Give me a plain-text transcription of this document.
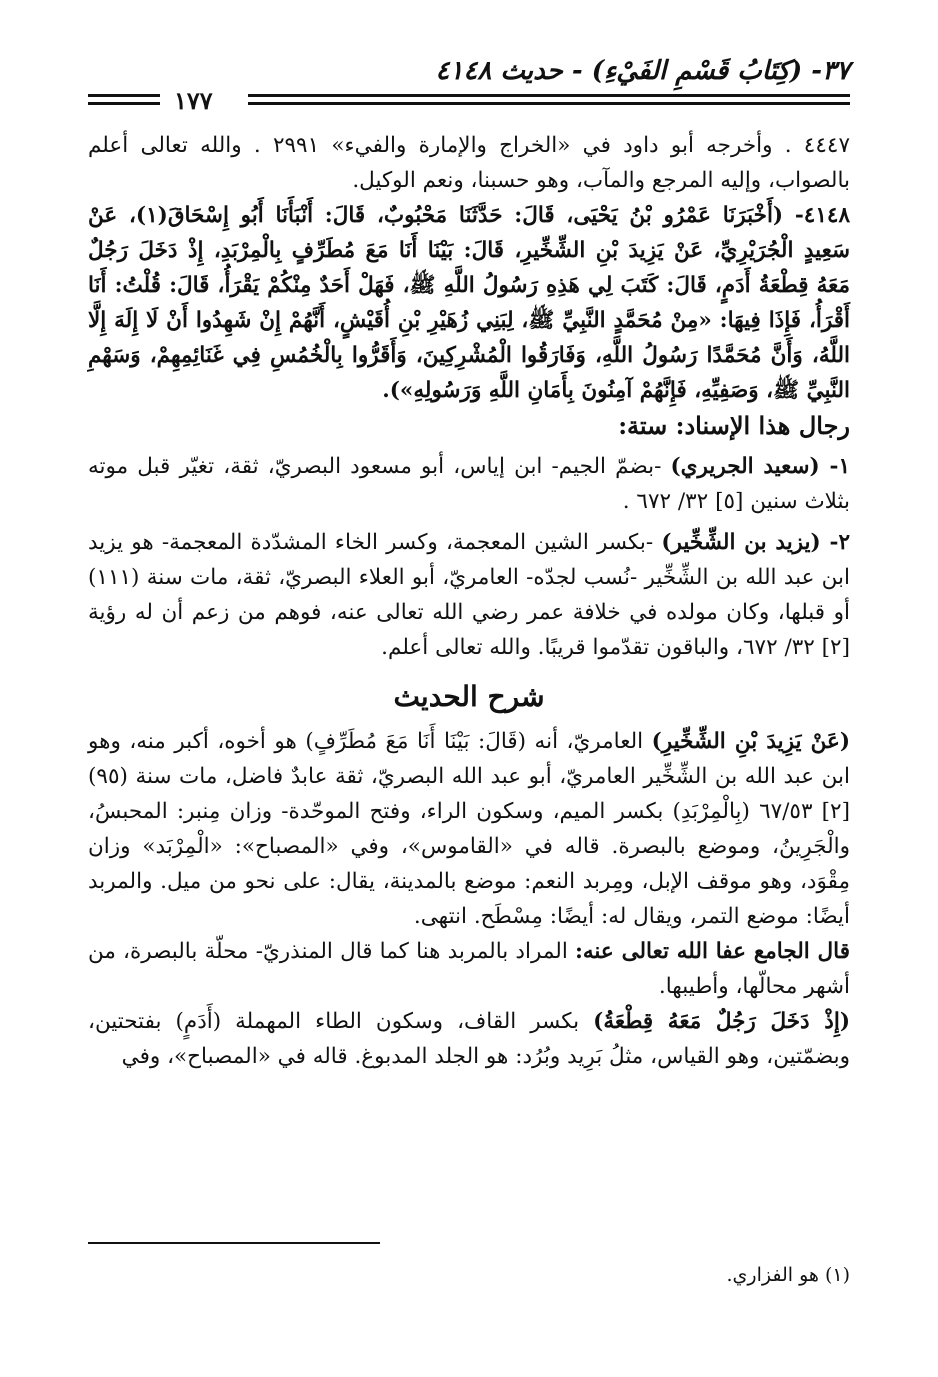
٣٧- (كِتَابُ قَسْمِ الفَيْءِ) - حديث ٤١٤٨
١٧٧

٤٤٤٧ . وأخرجه أبو داود في «الخراج والإمارة والفيء» ٢٩٩١ . والله تعالى أعلم بالصواب، وإليه المرجع والمآب، وهو حسبنا، ونعم الوكيل.

٤١٤٨- (أَخْبَرَنَا عَمْرُو بْنُ يَحْيَى، قَالَ: حَدَّثَنَا مَحْبُوبٌ، قَالَ: أَنْبَأَنَا أَبُو إِسْحَاقَ(١)، عَنْ سَعِيدٍ الْجُرَيْرِيِّ، عَنْ يَزِيدَ بْنِ الشِّخِّيرِ، قَالَ: بَيْنَا أَنَا مَعَ مُطَرِّفٍ بِالْمِرْبَدِ، إِذْ دَخَلَ رَجُلٌ مَعَهُ قِطْعَةُ أَدَمٍ، قَالَ: كَتَبَ لِي هَذِهِ رَسُولُ اللَّهِ ﷺ، فَهَلْ أَحَدٌ مِنْكُمْ يَقْرَأُ، قَالَ: قُلْتُ: أَنَا أَقْرَأُ، فَإِذَا فِيهَا: «مِنْ مُحَمَّدٍ النَّبِيِّ ﷺ، لِبَنِي زُهَيْرِ بْنِ أُقَيْشٍ، أَنَّهُمْ إِنْ شَهِدُوا أَنْ لَا إِلَهَ إِلَّا اللَّهُ، وَأَنَّ مُحَمَّدًا رَسُولُ اللَّهِ، وَفَارَقُوا الْمُشْرِكِينَ، وَأَقَرُّوا بِالْخُمُسِ فِي غَنَائِمِهِمْ، وَسَهْمِ النَّبِيِّ ﷺ، وَصَفِيِّهِ، فَإِنَّهُمْ آمِنُونَ بِأَمَانِ اللَّهِ وَرَسُولِهِ»).

رجال هذا الإسناد: ستة:

١- (سعيد الجريري) -بضمّ الجيم- ابن إياس، أبو مسعود البصريّ، ثقة، تغيّر قبل موته بثلاث سنين [٥] ٣٢/ ٦٧٢ .

٢- (يزيد بن الشِّخِّير) -بكسر الشين المعجمة، وكسر الخاء المشدّدة المعجمة- هو يزيد ابن عبد الله بن الشِّخِّير -نُسب لجدّه- العامريّ، أبو العلاء البصريّ، ثقة، مات سنة (١١١) أو قبلها، وكان مولده في خلافة عمر رضي الله تعالى عنه، فوهم من زعم أن له رؤية [٢] ٣٢/ ٦٧٢، والباقون تقدّموا قريبًا. والله تعالى أعلم.

شرح الحديث

(عَنْ يَزِيدَ بْنِ الشِّخِّيرِ) العامريّ، أنه (قَالَ: بَيْنَا أَنَا مَعَ مُطَرِّفٍ) هو أخوه، أكبر منه، وهو ابن عبد الله بن الشِّخِّير العامريّ، أبو عبد الله البصريّ، ثقة عابدٌ فاضل، مات سنة (٩٥) [٢] ٦٧/٥٣ (بِالْمِرْبَدِ) بكسر الميم، وسكون الراء، وفتح الموحّدة- وزان مِنبر: المحبسُ، والْجَرِينُ، وموضع بالبصرة. قاله في «القاموس»، وفي «المصباح»: «الْمِرْبَد» وزان مِقْوَد، وهو موقف الإبل، ومِربد النعم: موضع بالمدينة، يقال: على نحو من ميل. والمربد أيضًا: موضع التمر، ويقال له: أيضًا: مِسْطَح. انتهى.

قال الجامع عفا الله تعالى عنه: المراد بالمربد هنا كما قال المنذريّ- محلّة بالبصرة، من أشهر محالّها، وأطيبها.

(إِذْ دَخَلَ رَجُلٌ مَعَهُ قِطْعَةُ) بكسر القاف، وسكون الطاء المهملة (أَدَمٍ) بفتحتين، وبضمّتين، وهو القياس، مثلُ بَرِيد وبُرُد: هو الجلد المدبوغ. قاله في «المصباح»، وفي

(١) هو الفزاري.
